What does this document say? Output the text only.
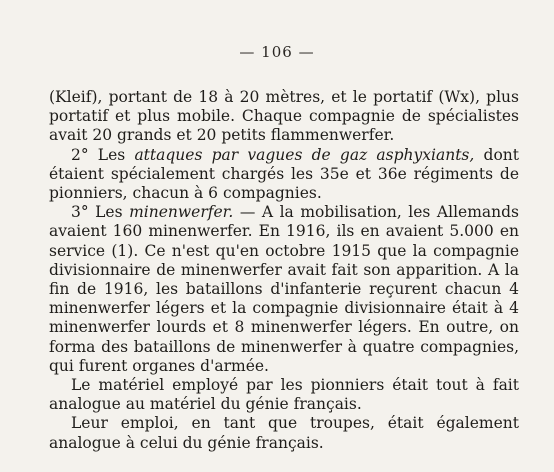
— 106 —

(Kleif), portant de 18 à 20 mètres, et le portatif (Wx), plus portatif et plus mobile. Chaque compagnie de spécialistes avait 20 grands et 20 petits flammenwerfer.

2° Les attaques par vagues de gaz asphyxiants, dont étaient spécialement chargés les 35e et 36e régiments de pionniers, chacun à 6 compagnies.

3° Les minenwerfer. — A la mobilisation, les Allemands avaient 160 minenwerfer. En 1916, ils en avaient 5.000 en service (1). Ce n'est qu'en octobre 1915 que la compagnie divisionnaire de minenwerfer avait fait son apparition. A la fin de 1916, les bataillons d'infanterie reçurent chacun 4 minenwerfer légers et la compagnie divisionnaire était à 4 minenwerfer lourds et 8 minenwerfer légers. En outre, on forma des bataillons de minenwerfer à quatre compagnies, qui furent organes d'armée.

Le matériel employé par les pionniers était tout à fait analogue au matériel du génie français.

Leur emploi, en tant que troupes, était également analogue à celui du génie français.
